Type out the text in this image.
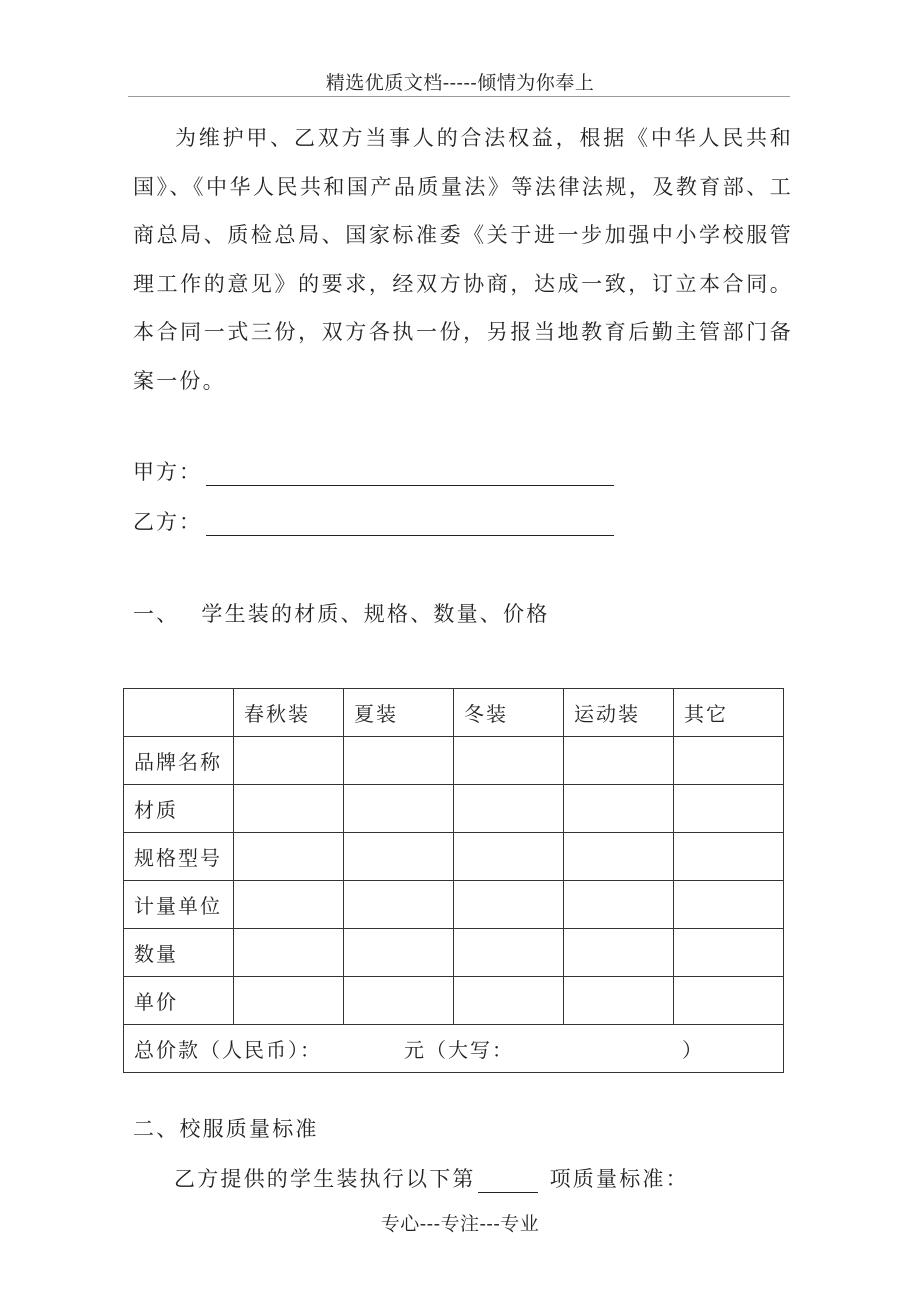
精选优质文档-----倾情为你奉上

为维护甲、乙双方当事人的合法权益，根据《中华人民共和国》、《中华人民共和国产品质量法》等法律法规，及教育部、工商总局、质检总局、国家标准委《关于进一步加强中小学校服管理工作的意见》的要求，经双方协商，达成一致，订立本合同。本合同一式三份，双方各执一份，另报当地教育后勤主管部门备案一份。

甲方：
乙方：
一、 学生装的材质、规格、数量、价格
	春秋装	夏装	冬装	运动装	其它
品牌名称					
材质					
规格型号					
计量单位					
数量					
单价					

总价款（人民币）： 元（大写： ）					
二、校服质量标准
乙方提供的学生装执行以下第	项质量标准：
专心---专注---专业
